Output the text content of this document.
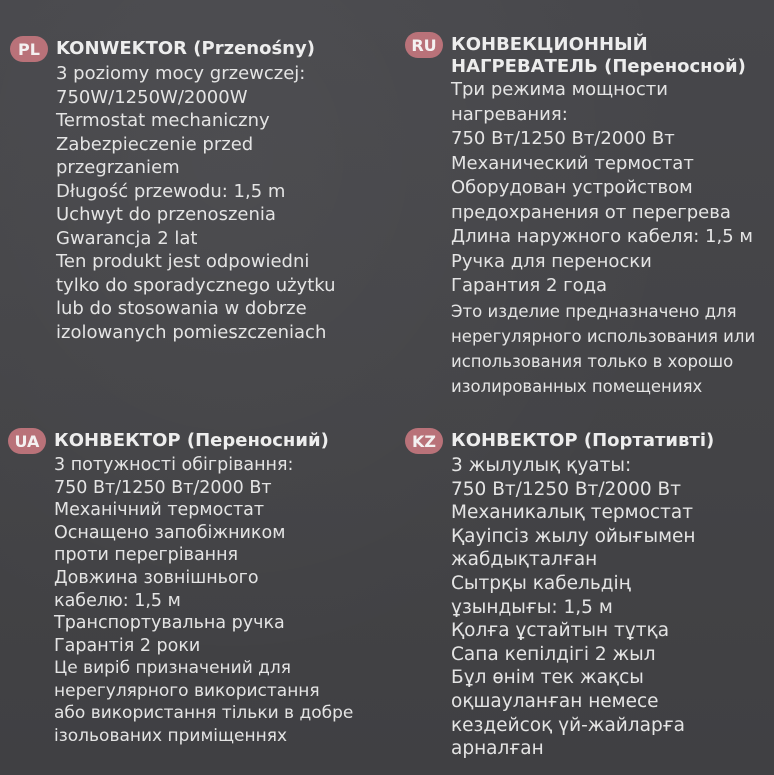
PL KONWEKTOR (Przenośny)
3 poziomy mocy grzewczej:
750W/1250W/2000W
Termostat mechaniczny
Zabezpieczenie przed
przegrzaniem
Długość przewodu: 1,5 m
Uchwyt do przenoszenia
Gwarancja 2 lat
Ten produkt jest odpowiedni
tylko do sporadycznego użytku
lub do stosowania w dobrze
izolowanych pomieszczeniach
RU КОНВЕКЦИОННЫЙ
НАГРЕВАТЕЛЬ (Переносной)
Три режима мощности
нагревания:
750 Вт/1250 Вт/2000 Вт
Механический термостат
Оборудован устройством
предохранения от перегрева
Длина наружного кабеля: 1,5 м
Ручка для переноски
Гарантия 2 года
Это изделие предназначено для
нерегулярного использования или
использования только в хорошо
изолированных помещениях
UA КОНВЕКТОР (Переносний)
3 потужності обігрівання:
750 Вт/1250 Вт/2000 Вт
Механічний термостат
Оснащено запобіжником
проти перегрівання
Довжина зовнішнього
кабелю: 1,5 м
Транспортувальна ручка
Гарантія 2 роки
Це виріб призначений для
нерегулярного використання
або використання тільки в добре
ізольованих приміщеннях
KZ КОНВЕКТОР (Портативті)
3 жылулық қуаты:
750 Вт/1250 Вт/2000 Вт
Механикалық термостат
Қауіпсіз жылу ойығымен
жабдықталған
Сытрқы кабельдің
ұзындығы: 1,5 м
Қолға ұстайтын тұтқа
Сапа кепілдігі 2 жыл
Бұл өнім тек жақсы
оқшауланған немесе
кездейсоқ үй-жайларға
арналған
